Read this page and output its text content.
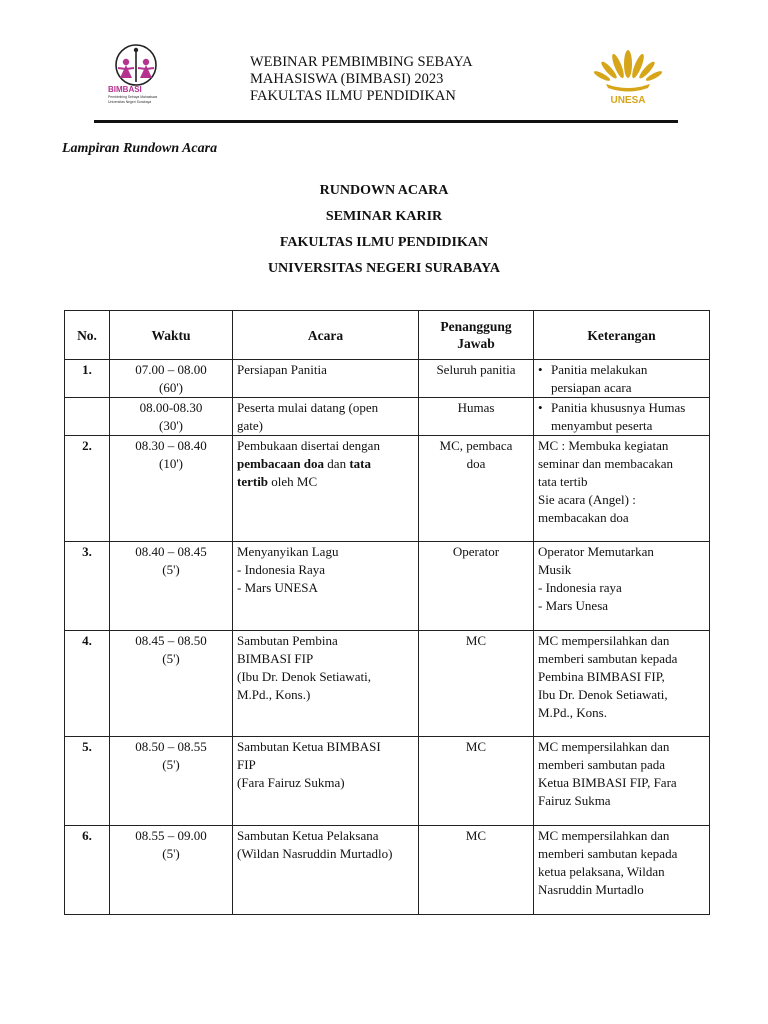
BIMBASI
Pembimbing Sebaya Mahasiswa
Universitas Negeri Surabaya
WEBINAR PEMBIMBING SEBAYA
MAHASISWA (BIMBASI) 2023
FAKULTAS ILMU PENDIDIKAN	UNESA
Lampiran Rundown Acara
RUNDOWN ACARA
SEMINAR KARIR
FAKULTAS ILMU PENDIDIKAN
UNIVERSITAS NEGERI SURABAYA
No.	Waktu	Acara	Penanggung Jawab	Keterangan
1.	07.00 – 08.00
(60')	Persiapan Panitia	Seluruh panitia	• Panitia melakukan
persiapan acara

	08.00-08.30
(30')	Peserta mulai datang (open
gate)	Humas	• Panitia khususnya Humas
menyambut peserta

2.	08.30 – 08.40
(10')	Pembukaan disertai dengan
pembacaan doa dan tata
tertib oleh MC	MC, pembaca
doa	MC : Membuka kegiatan
seminar dan membacakan
tata tertib
Sie acara (Angel) :
membacakan doa

3.	08.40 – 08.45
(5')	Menyanyikan Lagu
- Indonesia Raya
- Mars UNESA	Operator	Operator Memutarkan
Musik
- Indonesia raya
- Mars Unesa

4.	08.45 – 08.50
(5')	Sambutan Pembina
BIMBASI FIP
(Ibu Dr. Denok Setiawati,
M.Pd., Kons.)	MC	MC mempersilahkan dan
memberi sambutan kepada
Pembina BIMBASI FIP,
Ibu Dr. Denok Setiawati,
M.Pd., Kons.

5.	08.50 – 08.55
(5')	Sambutan Ketua BIMBASI
FIP
(Fara Fairuz Sukma)	MC	MC mempersilahkan dan
memberi sambutan pada
Ketua BIMBASI FIP, Fara
Fairuz Sukma

6.	08.55 – 09.00
(5')	Sambutan Ketua Pelaksana
(Wildan Nasruddin Murtadlo)	MC	MC mempersilahkan dan
memberi sambutan kepada
ketua pelaksana, Wildan
Nasruddin Murtadlo
